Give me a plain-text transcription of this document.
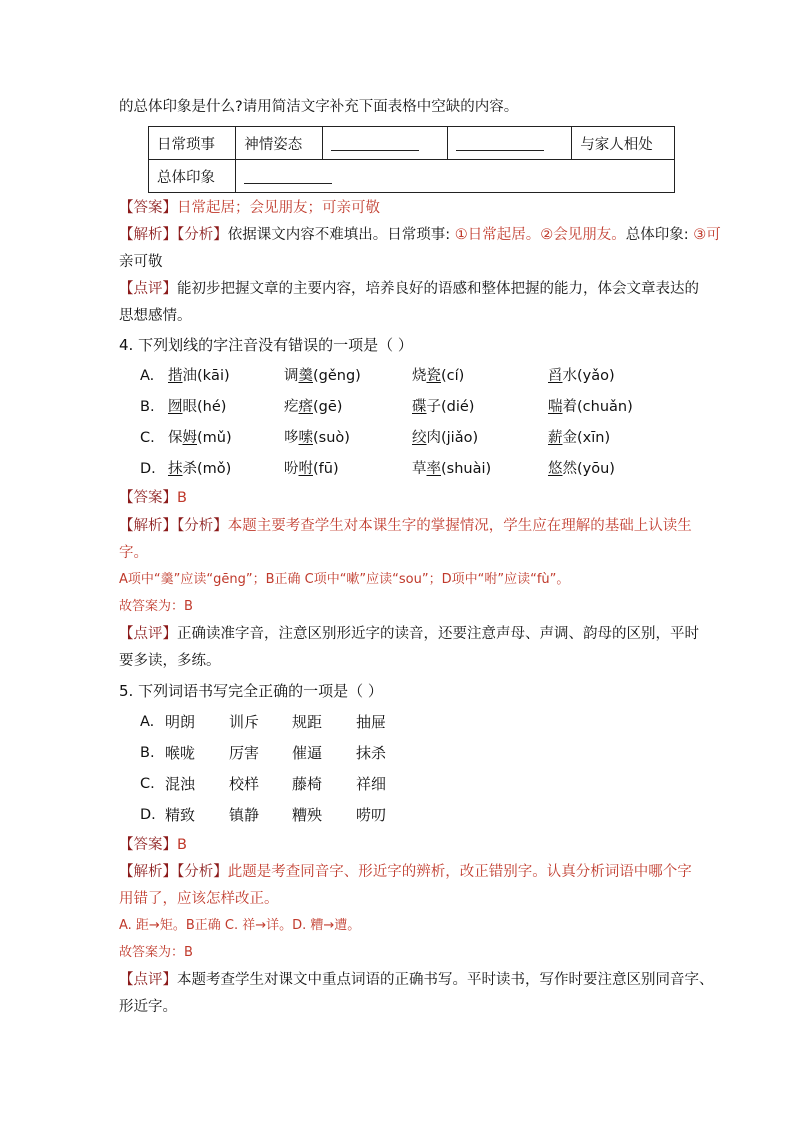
的总体印象是什么?请用简洁文字补充下面表格中空缺的内容。
日常琐事	神情姿态			与家人相处
总体印象				
【答案】日常起居；会见朋友；可亲可敬
【解析】【分析】依据课文内容不难填出。日常琐事: ①日常起居。②会见朋友。总体印象: ③可
亲可敬
【点评】能初步把握文章的主要内容，培养良好的语感和整体把握的能力，体会文章表达的
思想感情。
4. 下列划线的字注音没有错误的一项是（ ）
A. 揩油(kāi)	调羹(gěng)	烧瓷(cí)	舀水(yǎo)
B. 囫眼(hé)	疙瘩(gē)	碟子(dié)	喘着(chuǎn)
C. 保姆(mǔ)	哆嗦(suò)	绞肉(jiǎo)	薪金(xīn)
D. 抹杀(mǒ)	吩咐(fū)	草率(shuài)	悠然(yōu)
【答案】B
【解析】【分析】本题主要考查学生对本课生字的掌握情况，学生应在理解的基础上认读生
字。
A项中“羹”应读“gēng”；B正确 C项中“嗽”应读“sou”；D项中“咐”应读“fù”。
故答案为：B
【点评】正确读准字音，注意区别形近字的读音，还要注意声母、声调、韵母的区别，平时
要多读，多练。
5. 下列词语书写完全正确的一项是（ ）
A. 明朗 训斥 规距 抽屉
B. 喉咙 厉害 催逼 抹杀
C. 混浊 校样 藤椅 祥细
D. 精致 镇静 糟殃 唠叨
【答案】B
【解析】【分析】此题是考查同音字、形近字的辨析，改正错别字。认真分析词语中哪个字
用错了，应该怎样改正。
A. 距→矩。B正确 C. 祥→详。D. 糟→遭。
故答案为：B
【点评】本题考查学生对课文中重点词语的正确书写。平时读书，写作时要注意区别同音字、
形近字。
